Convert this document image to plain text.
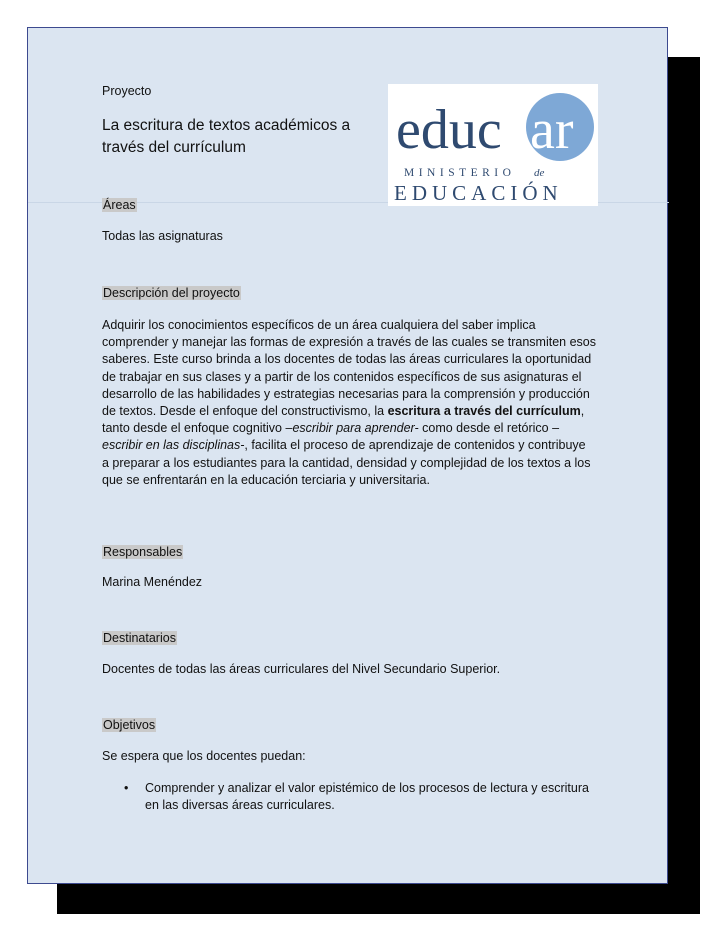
Proyecto
La escritura de textos académicos a través del currículum	educ ar
MINISTERIO de
EDUCACIÓN
Áreas
Todas las asignaturas
Descripción del proyecto
Adquirir los conocimientos específicos de un área cualquiera del saber implica comprender y manejar las formas de expresión a través de las cuales se transmiten esos saberes. Este curso brinda a los docentes de todas las áreas curriculares la oportunidad de trabajar en sus clases y a partir de los contenidos específicos de sus asignaturas el desarrollo de las habilidades y estrategias necesarias para la comprensión y producción de textos. Desde el enfoque del constructivismo, la escritura a través del currículum, tanto desde el enfoque cognitivo –escribir para aprender- como desde el retórico –escribir en las disciplinas-, facilita el proceso de aprendizaje de contenidos y contribuye a preparar a los estudiantes para la cantidad, densidad y complejidad de los textos a los que se enfrentarán en la educación terciaria y universitaria.
Responsables
Marina Menéndez
Destinatarios
Docentes de todas las áreas curriculares del Nivel Secundario Superior.
Objetivos
Se espera que los docentes puedan:
• Comprender y analizar el valor epistémico de los procesos de lectura y escritura en las diversas áreas curriculares.
